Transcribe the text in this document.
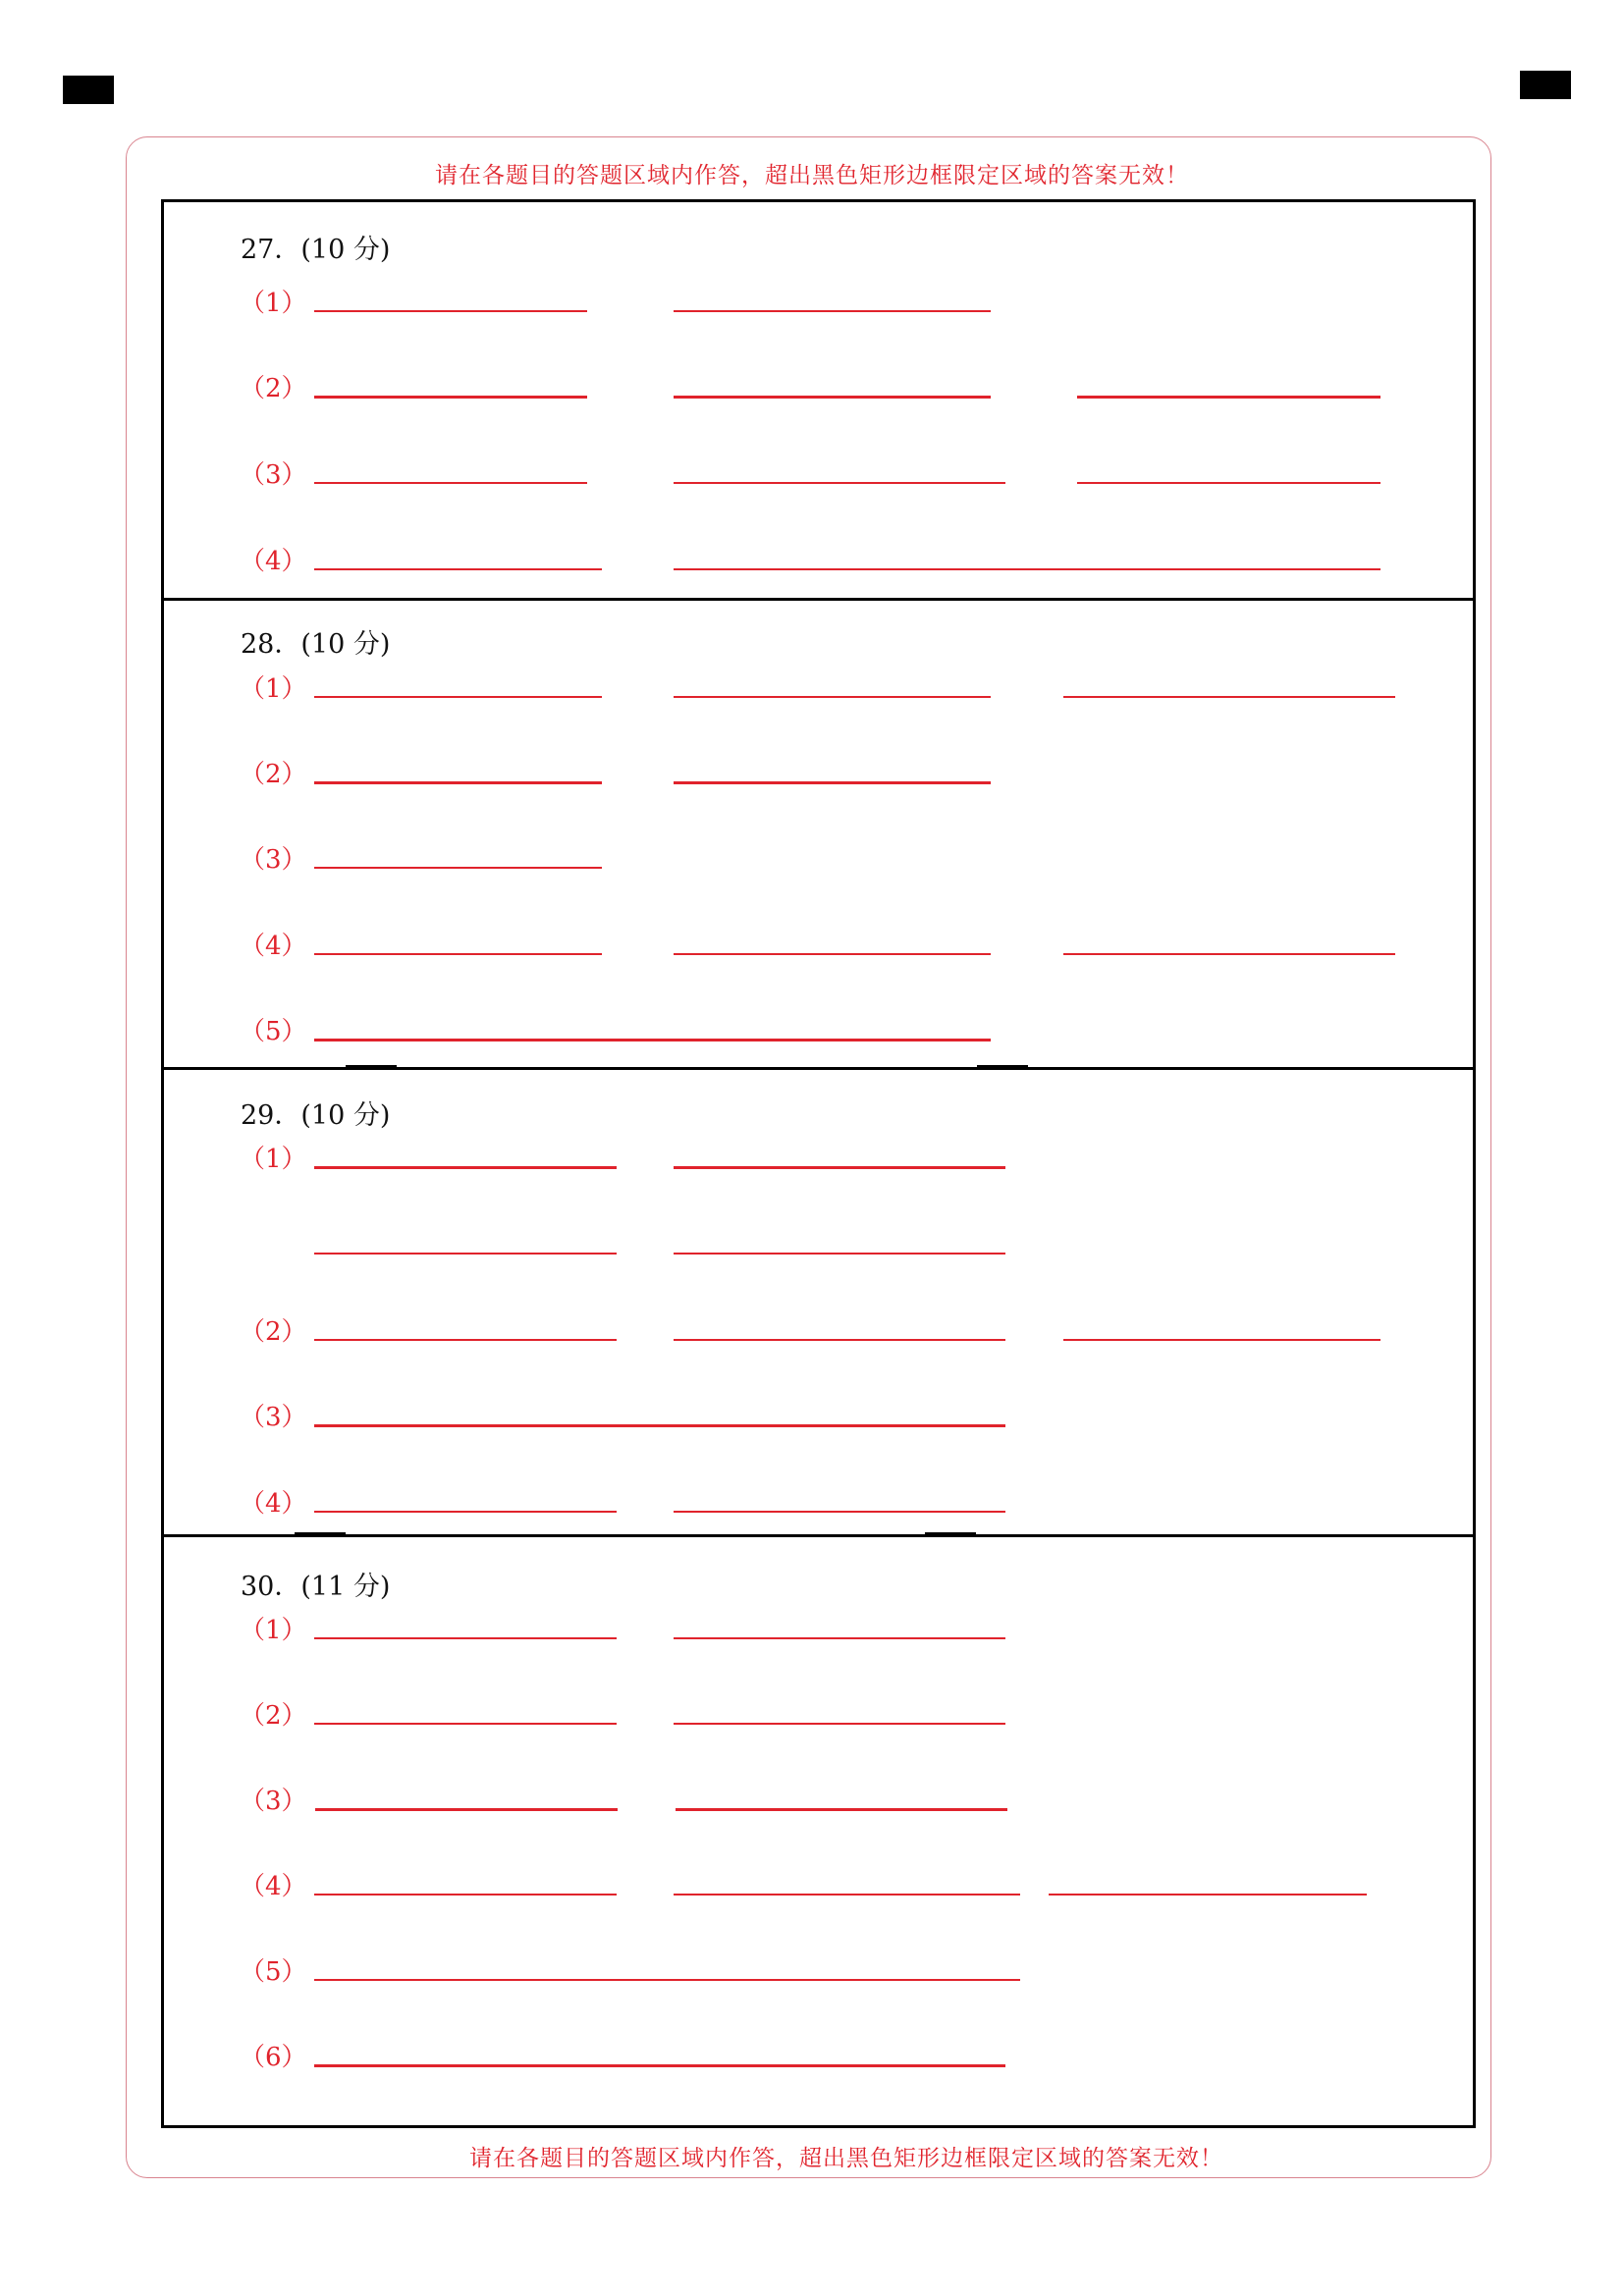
请在各题目的答题区域内作答，超出黑色矩形边框限定区域的答案无效！
请在各题目的答题区域内作答，超出黑色矩形边框限定区域的答案无效！
27．(10 分)
（1）
（2）
（3）
（4）
28．(10 分)
（1）
（2）
（3）
（4）
（5）
29．(10 分)
（1）
（2）
（3）
（4）
30．(11 分)
（1）
（2）
（3）
（4）
（5）
（6）
